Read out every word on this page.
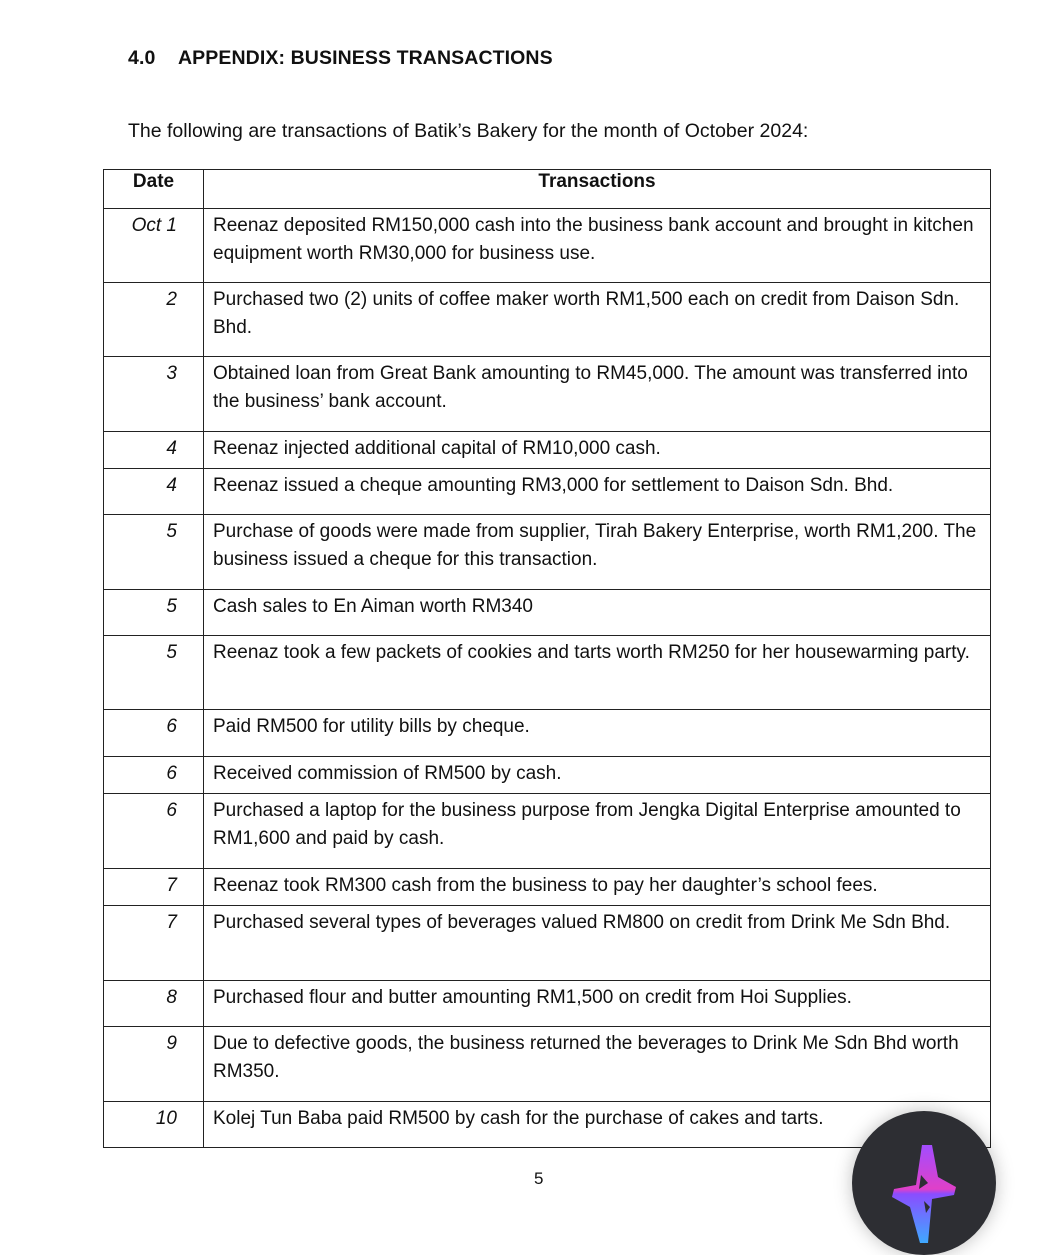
4.0 APPENDIX: BUSINESS TRANSACTIONS
The following are transactions of Batik’s Bakery for the month of October 2024:
Date	Transactions
Oct 1	Reenaz deposited RM150,000 cash into the business bank account and brought in kitchen equipment worth RM30,000 for business use.
2	Purchased two (2) units of coffee maker worth RM1,500 each on credit from Daison Sdn. Bhd.
3	Obtained loan from Great Bank amounting to RM45,000. The amount was transferred into the business’ bank account.
4	Reenaz injected additional capital of RM10,000 cash.
4	Reenaz issued a cheque amounting RM3,000 for settlement to Daison Sdn. Bhd.
5	Purchase of goods were made from supplier, Tirah Bakery Enterprise, worth RM1,200. The business issued a cheque for this transaction.
5	Cash sales to En Aiman worth RM340
5	Reenaz took a few packets of cookies and tarts worth RM250 for her housewarming party.
6	Paid RM500 for utility bills by cheque.
6	Received commission of RM500 by cash.
6	Purchased a laptop for the business purpose from Jengka Digital Enterprise amounted to RM1,600 and paid by cash.
7	Reenaz took RM300 cash from the business to pay her daughter’s school fees.
7	Purchased several types of beverages valued RM800 on credit from Drink Me Sdn Bhd.
8	Purchased flour and butter amounting RM1,500 on credit from Hoi Supplies.
9	Due to defective goods, the business returned the beverages to Drink Me Sdn Bhd worth RM350.
10	Kolej Tun Baba paid RM500 by cash for the purchase of cakes and tarts.
5
